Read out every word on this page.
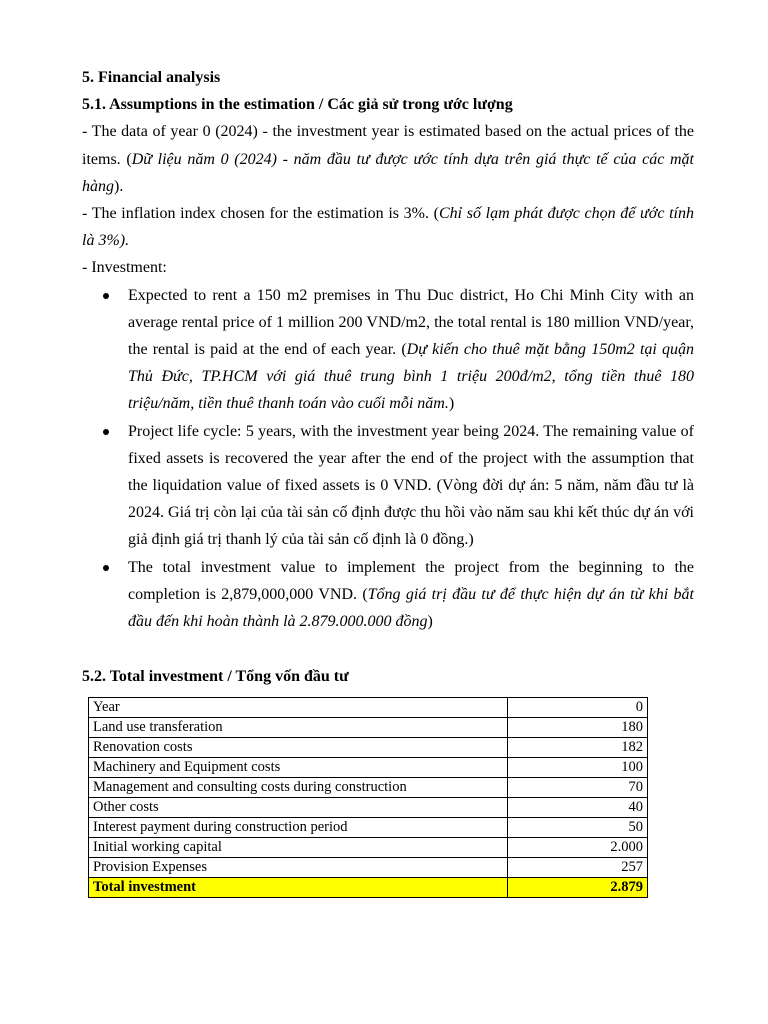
5. Financial analysis
5.1. Assumptions in the estimation / Các giả sử trong ước lượng
- The data of year 0 (2024) - the investment year is estimated based on the actual prices of the items. (Dữ liệu năm 0 (2024) - năm đầu tư được ước tính dựa trên giá thực tế của các mặt hàng).
- The inflation index chosen for the estimation is 3%. (Chỉ số lạm phát được chọn để ước tính là 3%).
- Investment:
Expected to rent a 150 m2 premises in Thu Duc district, Ho Chi Minh City with an average rental price of 1 million 200 VND/m2, the total rental is 180 million VND/year, the rental is paid at the end of each year. (Dự kiến cho thuê mặt bằng 150m2 tại quận Thủ Đức, TP.HCM với giá thuê trung bình 1 triệu 200đ/m2, tổng tiền thuê 180 triệu/năm, tiền thuê thanh toán vào cuối mỗi năm.)
Project life cycle: 5 years, with the investment year being 2024. The remaining value of fixed assets is recovered the year after the end of the project with the assumption that the liquidation value of fixed assets is 0 VND. (Vòng đời dự án: 5 năm, năm đầu tư là 2024. Giá trị còn lại của tài sản cố định được thu hồi vào năm sau khi kết thúc dự án với giả định giá trị thanh lý của tài sản cố định là 0 đồng.)
The total investment value to implement the project from the beginning to the completion is 2,879,000,000 VND. (Tổng giá trị đầu tư để thực hiện dự án từ khi bắt đầu đến khi hoàn thành là 2.879.000.000 đồng)
5.2. Total investment / Tổng vốn đầu tư
Year	0
Land use transferation	180
Renovation costs	182
Machinery and Equipment costs	100
Management and consulting costs during construction	70
Other costs	40
Interest payment during construction period	50
Initial working capital	2.000
Provision Expenses	257
Total investment	2.879
